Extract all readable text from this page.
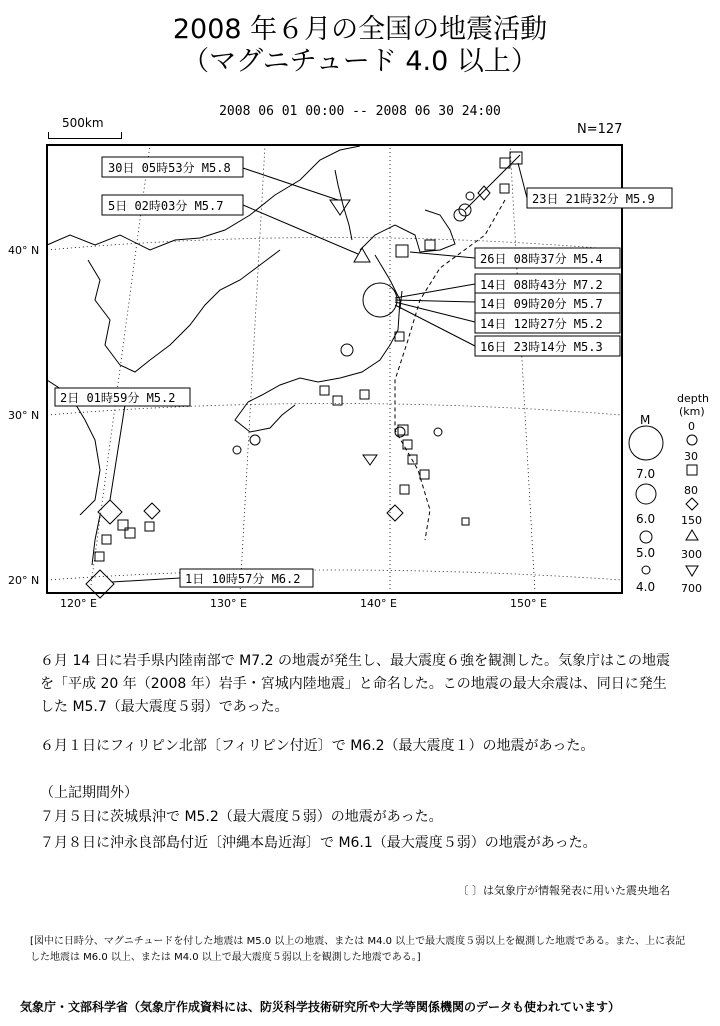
2008 年６月の全国の地震活動
（マグニチュード 4.0 以上）
2008 06 01 00:00 -- 2008 06 30 24:00
500km	N=127
30日 05時53分 M5.8
5日 02時03分 M5.7	23日 21時32分 M5.9
26日 08時37分 M5.4
14日 08時43分 M7.2
14日 09時20分 M5.7
14日 12時27分 M5.2
16日 23時14分 M5.3
2日 01時59分 M5.2
1日 10時57分 M6.2
40° N
30° N
20° N
120° E	130° E	140° E	150° E
M
7.0
6.0
5.0
4.0
depth
(km)
0
30
80
150
300
700
６月 14 日に岩手県内陸南部で M7.2 の地震が発生し、最大震度６強を観測した。気象庁はこの地震を「平成 20 年（2008 年）岩手・宮城内陸地震」と命名した。この地震の最大余震は、同日に発生した M5.7（最大震度５弱）であった。
６月１日にフィリピン北部〔フィリピン付近〕で M6.2（最大震度１）の地震があった。
（上記期間外）
７月５日に茨城県沖で M5.2（最大震度５弱）の地震があった。
７月８日に沖永良部島付近〔沖縄本島近海〕で M6.1（最大震度５弱）の地震があった。
〔 〕は気象庁が情報発表に用いた震央地名
[図中に日時分、マグニチュードを付した地震は M5.0 以上の地震、または M4.0 以上で最大震度５弱以上を観測した地震である。また、上に表記した地震は M6.0 以上、または M4.0 以上で最大震度５弱以上を観測した地震である。]
気象庁・文部科学省（気象庁作成資料には、防災科学技術研究所や大学等関係機関のデータも使われています）
